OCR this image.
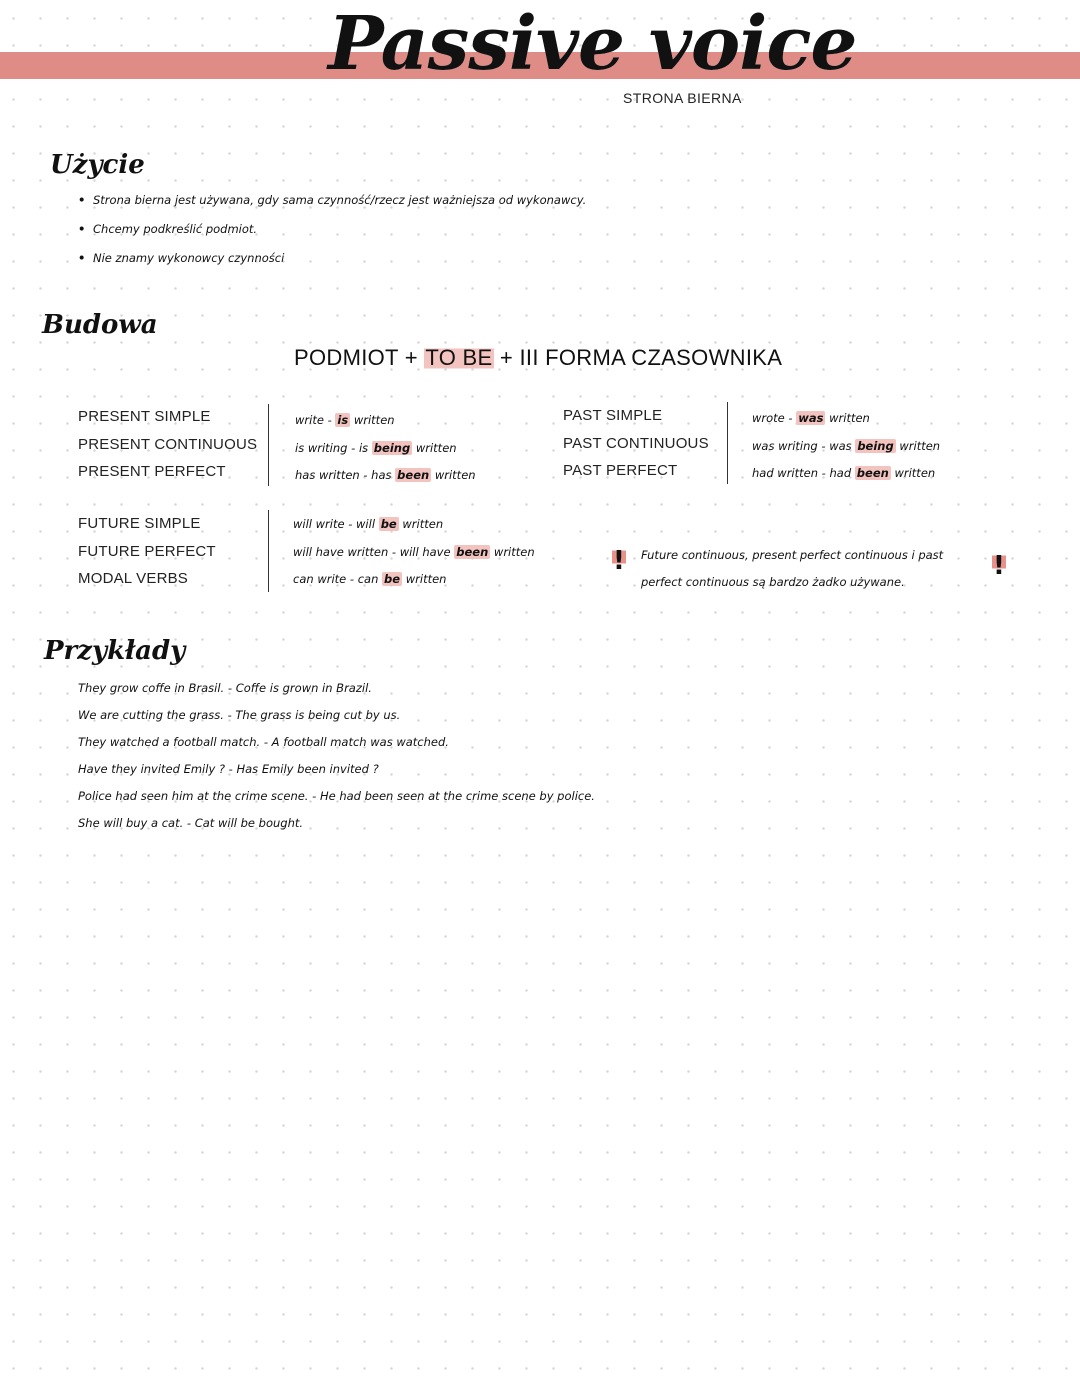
Passive voice
STRONA BIERNA
Użycie
• Strona bierna jest używana, gdy sama czynność/rzecz jest ważniejsza od wykonawcy.
• Chcemy podkreślić podmiot.
• Nie znamy wykonowcy czynności
Budowa
PODMIOT + TO BE + III FORMA CZASOWNIKA
PRESENT SIMPLE
PRESENT CONTINUOUS
PRESENT PERFECT
write - is written
is writing - is being written
has written - has been written
PAST SIMPLE
PAST CONTINUOUS
PAST PERFECT
wrote - was written
was writing - was being written
had written - had been written
FUTURE SIMPLE
FUTURE PERFECT
MODAL VERBS
will write - will be written
will have written - will have been written
can write - can be written
! Future continuous, present perfect continuous i past perfect continuous są bardzo żadko używane.
!
Przykłady
They grow coffe in Brasil. - Coffe is grown in Brazil.
We are cutting the grass. - The grass is being cut by us.
They watched a football match. - A football match was watched.
Have they invited Emily ? - Has Emily been invited ?
Police had seen him at the crime scene. - He had been seen at the crime scene by police.
She will buy a cat. - Cat will be bought.
